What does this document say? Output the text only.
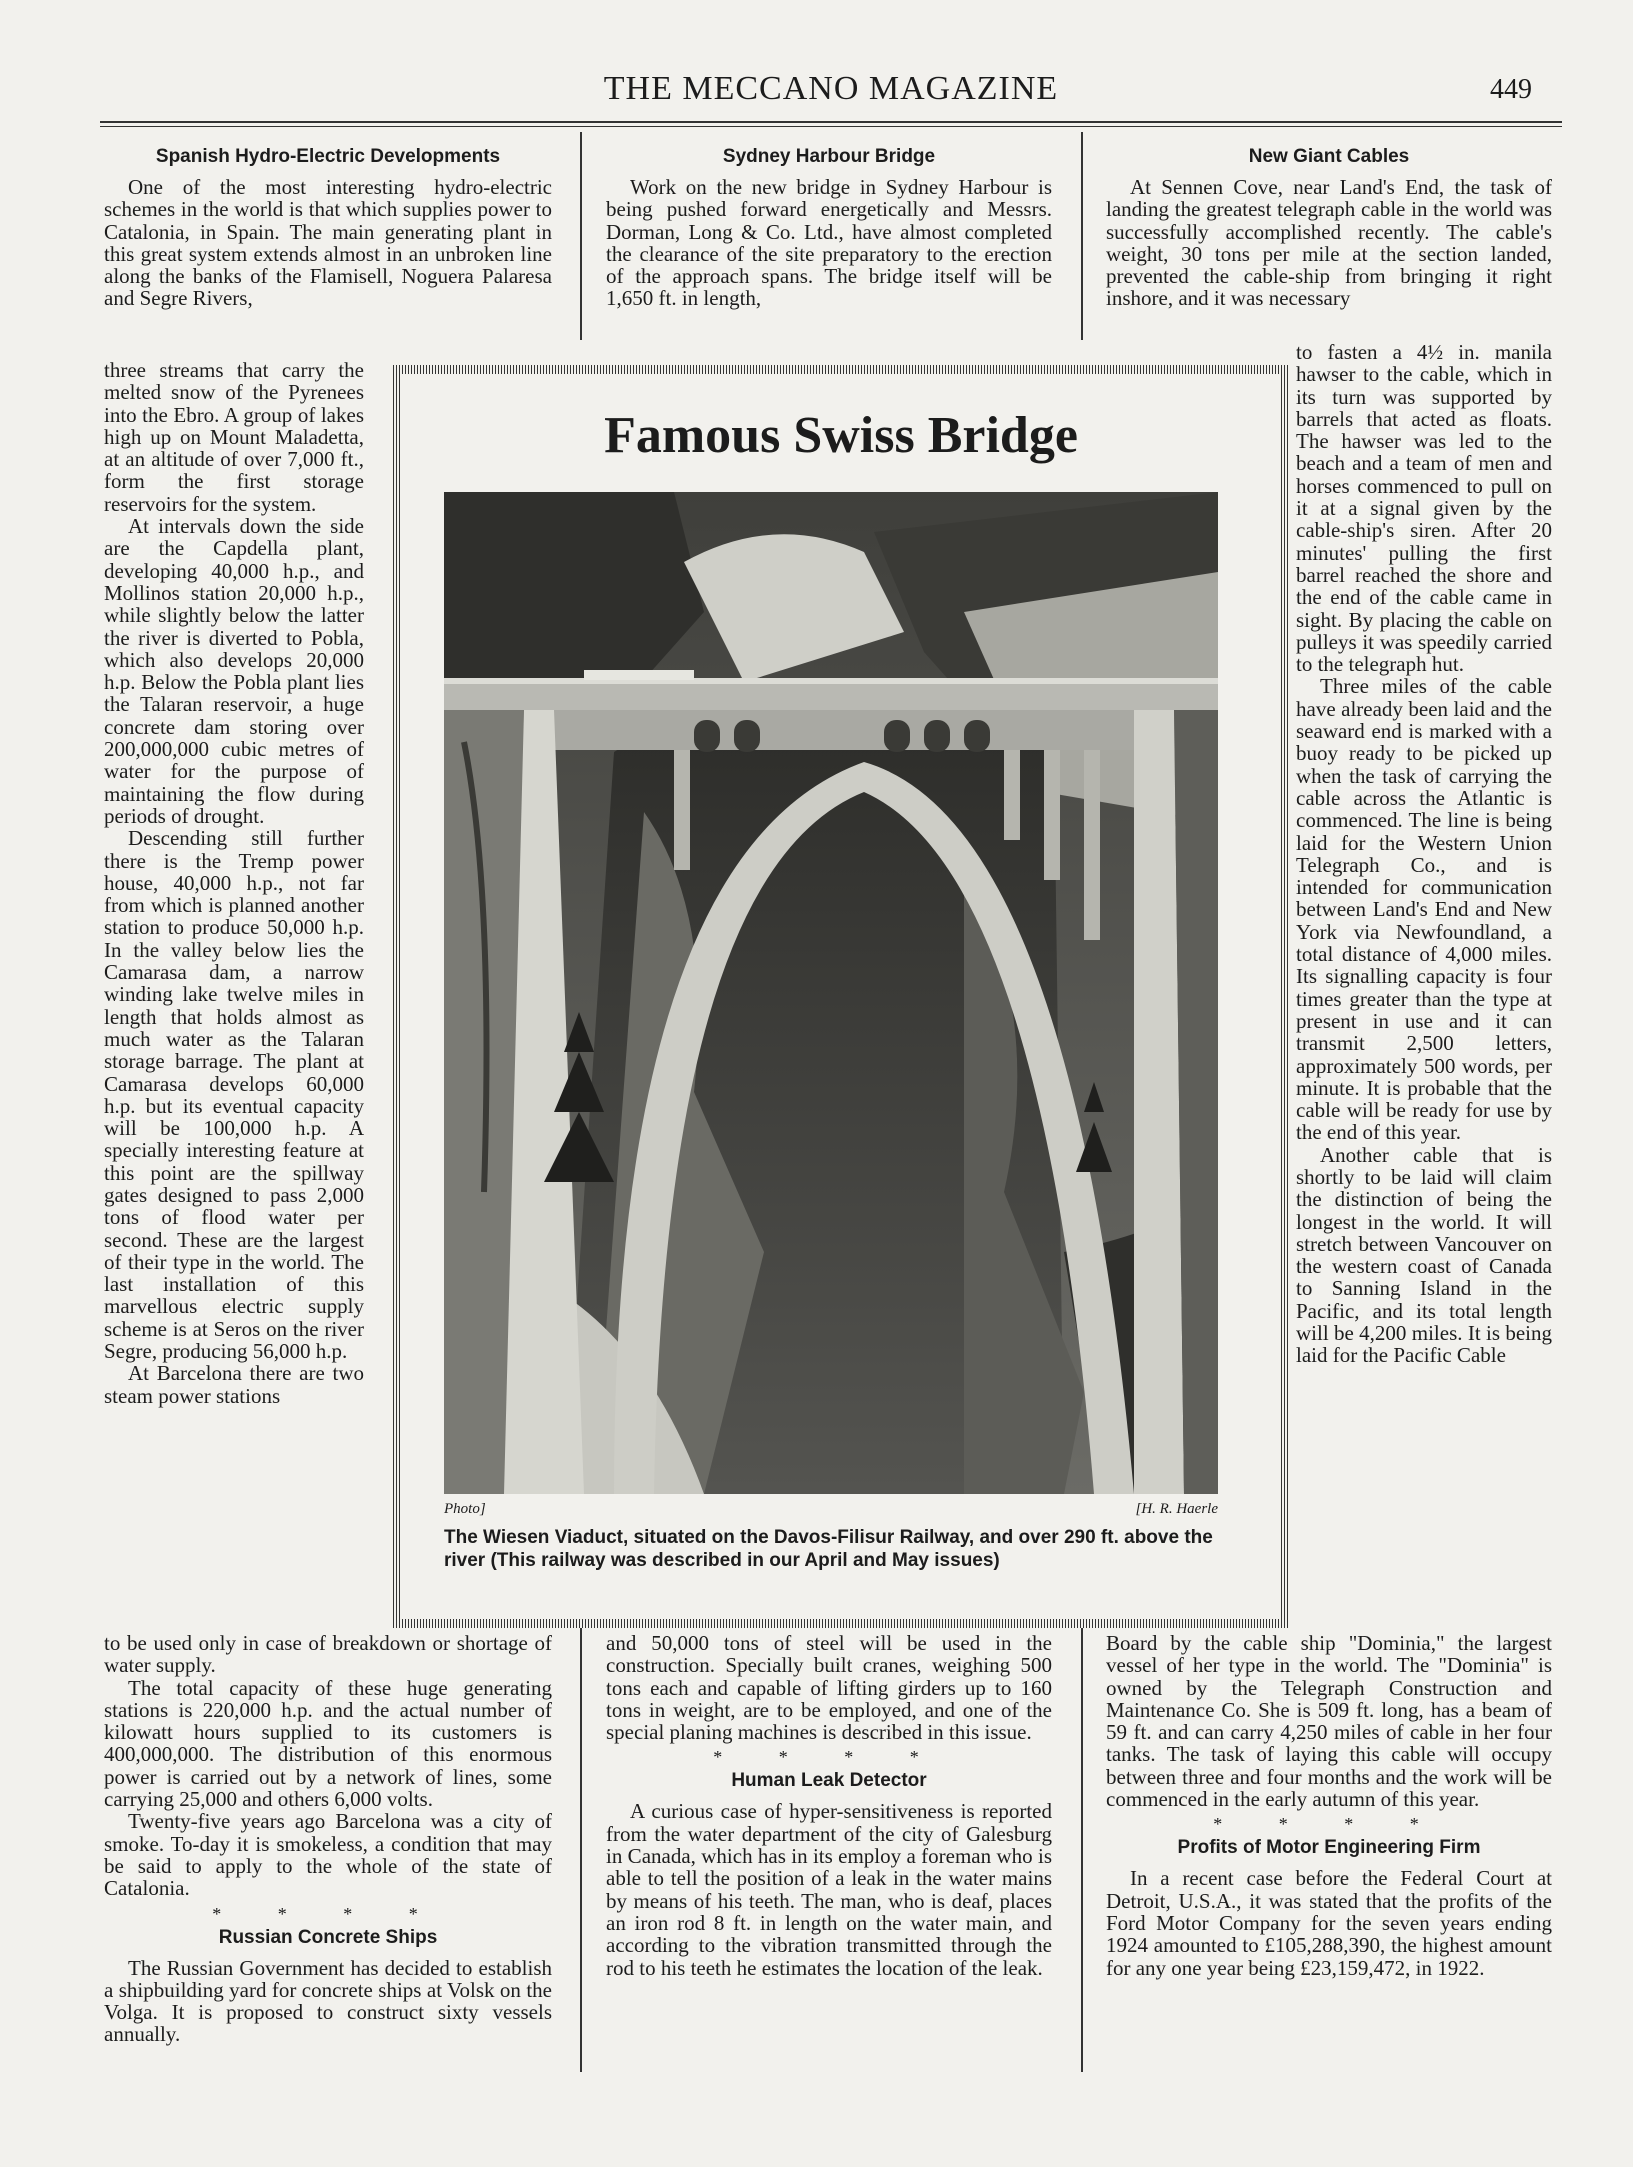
THE MECCANO MAGAZINE	449
Spanish Hydro-Electric Developments

One of the most interesting hydro-electric schemes in the world is that which supplies power to Catalonia, in Spain. The main generating plant in this great system extends almost in an unbroken line along the banks of the Flamisell, Noguera Palaresa and Segre Rivers,

three streams that carry the melted snow of the Pyrenees into the Ebro. A group of lakes high up on Mount Maladetta, at an altitude of over 7,000 ft., form the first storage reservoirs for the system.

At intervals down the side are the Capdella plant, developing 40,000 h.p., and Mollinos station 20,000 h.p., while slightly below the latter the river is diverted to Pobla, which also develops 20,000 h.p. Below the Pobla plant lies the Talaran reservoir, a huge concrete dam storing over 200,000,000 cubic metres of water for the purpose of maintaining the flow during periods of drought.

Descending still further there is the Tremp power house, 40,000 h.p., not far from which is planned another station to produce 50,000 h.p. In the valley below lies the Camarasa dam, a narrow winding lake twelve miles in length that holds almost as much water as the Talaran storage barrage. The plant at Camarasa develops 60,000 h.p. but its eventual capacity will be 100,000 h.p. A specially interesting feature at this point are the spillway gates designed to pass 2,000 tons of flood water per second. These are the largest of their type in the world. The last installation of this marvellous electric supply scheme is at Seros on the river Segre, producing 56,000 h.p.

At Barcelona there are two steam power stations

to be used only in case of breakdown or shortage of water supply.

The total capacity of these huge generating stations is 220,000 h.p. and the actual number of kilowatt hours supplied to its customers is 400,000,000. The distribution of this enormous power is carried out by a network of lines, some carrying 25,000 and others 6,000 volts.

Twenty-five years ago Barcelona was a city of smoke. To-day it is smokeless, a condition that may be said to apply to the whole of the state of Catalonia.

* * * *
Russian Concrete Ships

The Russian Government has decided to establish a shipbuilding yard for concrete ships at Volsk on the Volga. It is proposed to construct sixty vessels annually.

Sydney Harbour Bridge

Work on the new bridge in Sydney Harbour is being pushed forward energetically and Messrs. Dorman, Long & Co. Ltd., have almost completed the clearance of the site preparatory to the erection of the approach spans. The bridge itself will be 1,650 ft. in length,

and 50,000 tons of steel will be used in the construction. Specially built cranes, weighing 500 tons each and capable of lifting girders up to 160 tons in weight, are to be employed, and one of the special planing machines is described in this issue.

* * * *
Human Leak Detector

A curious case of hyper-sensitiveness is reported from the water department of the city of Galesburg in Canada, which has in its employ a foreman who is able to tell the position of a leak in the water mains by means of his teeth. The man, who is deaf, places an iron rod 8 ft. in length on the water main, and according to the vibration transmitted through the rod to his teeth he estimates the location of the leak.

New Giant Cables

At Sennen Cove, near Land's End, the task of landing the greatest telegraph cable in the world was successfully accomplished recently. The cable's weight, 30 tons per mile at the section landed, prevented the cable-ship from bringing it right inshore, and it was necessary

to fasten a 4½ in. manila hawser to the cable, which in its turn was supported by barrels that acted as floats. The hawser was led to the beach and a team of men and horses commenced to pull on it at a signal given by the cable-ship's siren. After 20 minutes' pulling the first barrel reached the shore and the end of the cable came in sight. By placing the cable on pulleys it was speedily carried to the telegraph hut.

Three miles of the cable have already been laid and the seaward end is marked with a buoy ready to be picked up when the task of carrying the cable across the Atlantic is commenced. The line is being laid for the Western Union Telegraph Co., and is intended for communication between Land's End and New York via Newfoundland, a total distance of 4,000 miles. Its signalling capacity is four times greater than the type at present in use and it can transmit 2,500 letters, approximately 500 words, per minute. It is probable that the cable will be ready for use by the end of this year.

Another cable that is shortly to be laid will claim the distinction of being the longest in the world. It will stretch between Vancouver on the western coast of Canada to Sanning Island in the Pacific, and its total length will be 4,200 miles. It is being laid for the Pacific Cable

Board by the cable ship "Dominia," the largest vessel of her type in the world. The "Dominia" is owned by the Telegraph Construction and Maintenance Co. She is 509 ft. long, has a beam of 59 ft. and can carry 4,250 miles of cable in her four tanks. The task of laying this cable will occupy between three and four months and the work will be commenced in the early autumn of this year.

* * * *
Profits of Motor Engineering Firm

In a recent case before the Federal Court at Detroit, U.S.A., it was stated that the profits of the Ford Motor Company for the seven years ending 1924 amounted to £105,288,390, the highest amount for any one year being £23,159,472, in 1922.

Famous Swiss Bridge
Photo]	[H. R. Haerle
The Wiesen Viaduct, situated on the Davos-Filisur Railway, and over 290 ft. above the river (This railway was described in our April and May issues)
